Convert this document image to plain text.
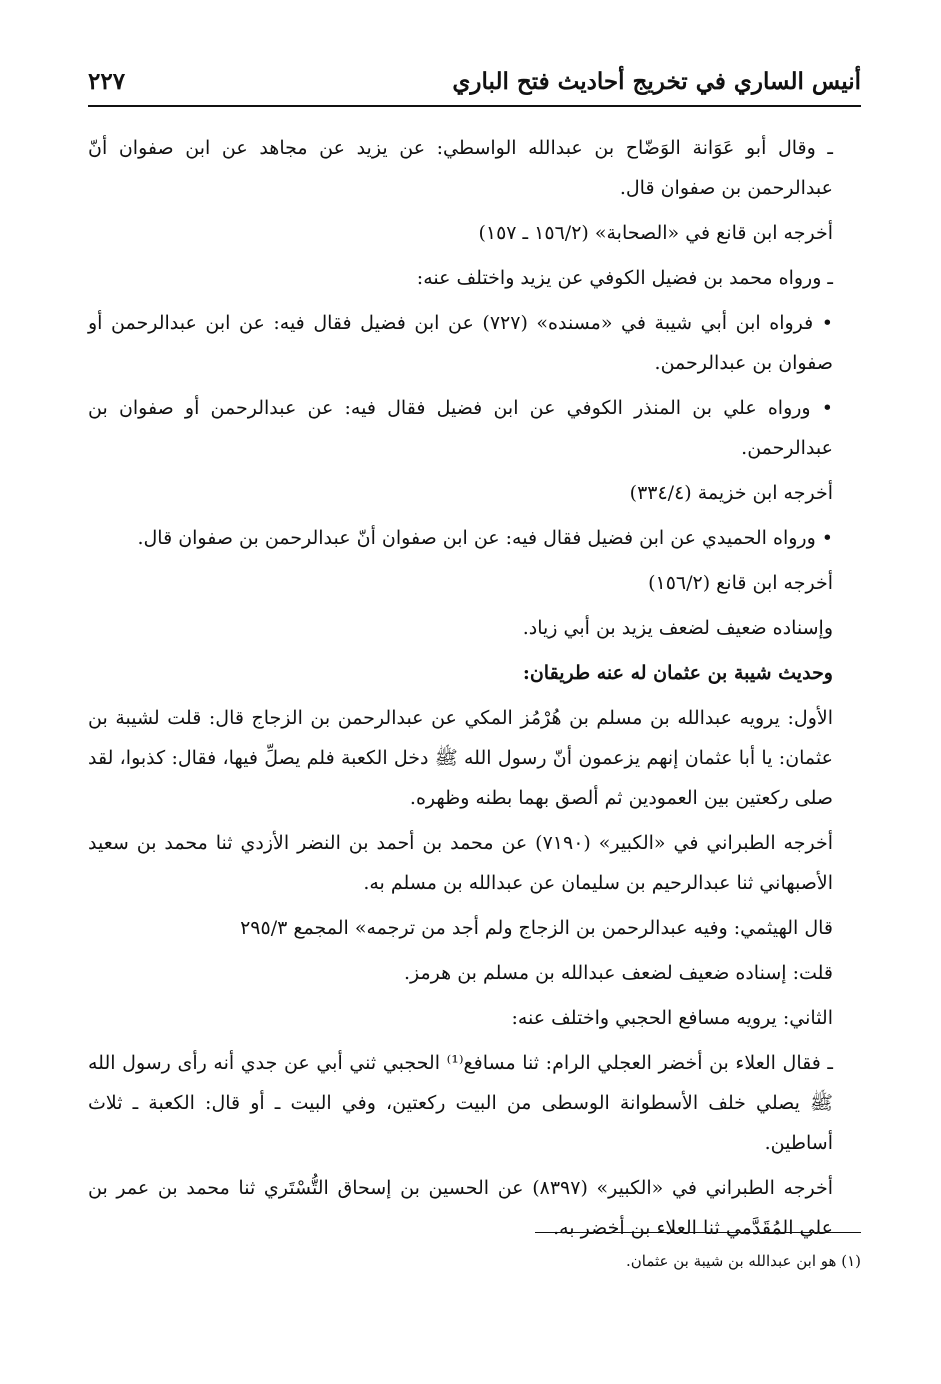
أنيس الساري في تخريج أحاديث فتح الباري
٢٢٧

ـ وقال أبو عَوَانة الوَضّاح بن عبدالله الواسطي: عن يزيد عن مجاهد عن ابن صفوان أنّ عبدالرحمن بن صفوان قال.

أخرجه ابن قانع في «الصحابة» (١٥٦/٢ ـ ١٥٧)

ـ ورواه محمد بن فضيل الكوفي عن يزيد واختلف عنه:

• فرواه ابن أبي شيبة في «مسنده» (٧٢٧) عن ابن فضيل فقال فيه: عن ابن عبدالرحمن أو صفوان بن عبدالرحمن.

• ورواه علي بن المنذر الكوفي عن ابن فضيل فقال فيه: عن عبدالرحمن أو صفوان بن عبدالرحمن.

أخرجه ابن خزيمة (٣٣٤/٤)

• ورواه الحميدي عن ابن فضيل فقال فيه: عن ابن صفوان أنّ عبدالرحمن بن صفوان قال.

أخرجه ابن قانع (١٥٦/٢)

وإسناده ضعيف لضعف يزيد بن أبي زياد.

وحديث شيبة بن عثمان له عنه طريقان:

الأول: يرويه عبدالله بن مسلم بن هُرْمُز المكي عن عبدالرحمن بن الزجاج قال: قلت لشيبة بن عثمان: يا أبا عثمان إنهم يزعمون أنّ رسول الله ﷺ دخل الكعبة فلم يصلِّ فيها، فقال: كذبوا، لقد صلى ركعتين بين العمودين ثم ألصق بهما بطنه وظهره.

أخرجه الطبراني في «الكبير» (٧١٩٠) عن محمد بن أحمد بن النضر الأزدي ثنا محمد بن سعيد الأصبهاني ثنا عبدالرحيم بن سليمان عن عبدالله بن مسلم به.

قال الهيثمي: وفيه عبدالرحمن بن الزجاج ولم أجد من ترجمه» المجمع ٢٩٥/٣

قلت: إسناده ضعيف لضعف عبدالله بن مسلم بن هرمز.

الثاني: يرويه مسافع الحجبي واختلف عنه:

ـ فقال العلاء بن أخضر العجلي الرام: ثنا مسافع⁽¹⁾ الحجبي ثني أبي عن جدي أنه رأى رسول الله ﷺ يصلي خلف الأسطوانة الوسطى من البيت ركعتين، وفي البيت ـ أو قال: الكعبة ـ ثلاث أساطين.

أخرجه الطبراني في «الكبير» (٨٣٩٧) عن الحسين بن إسحاق التُّسْتَري ثنا محمد بن عمر بن علي المُقَدَّمي ثنا العلاء بن أخضر به.

(١) هو ابن عبدالله بن شيبة بن عثمان.
